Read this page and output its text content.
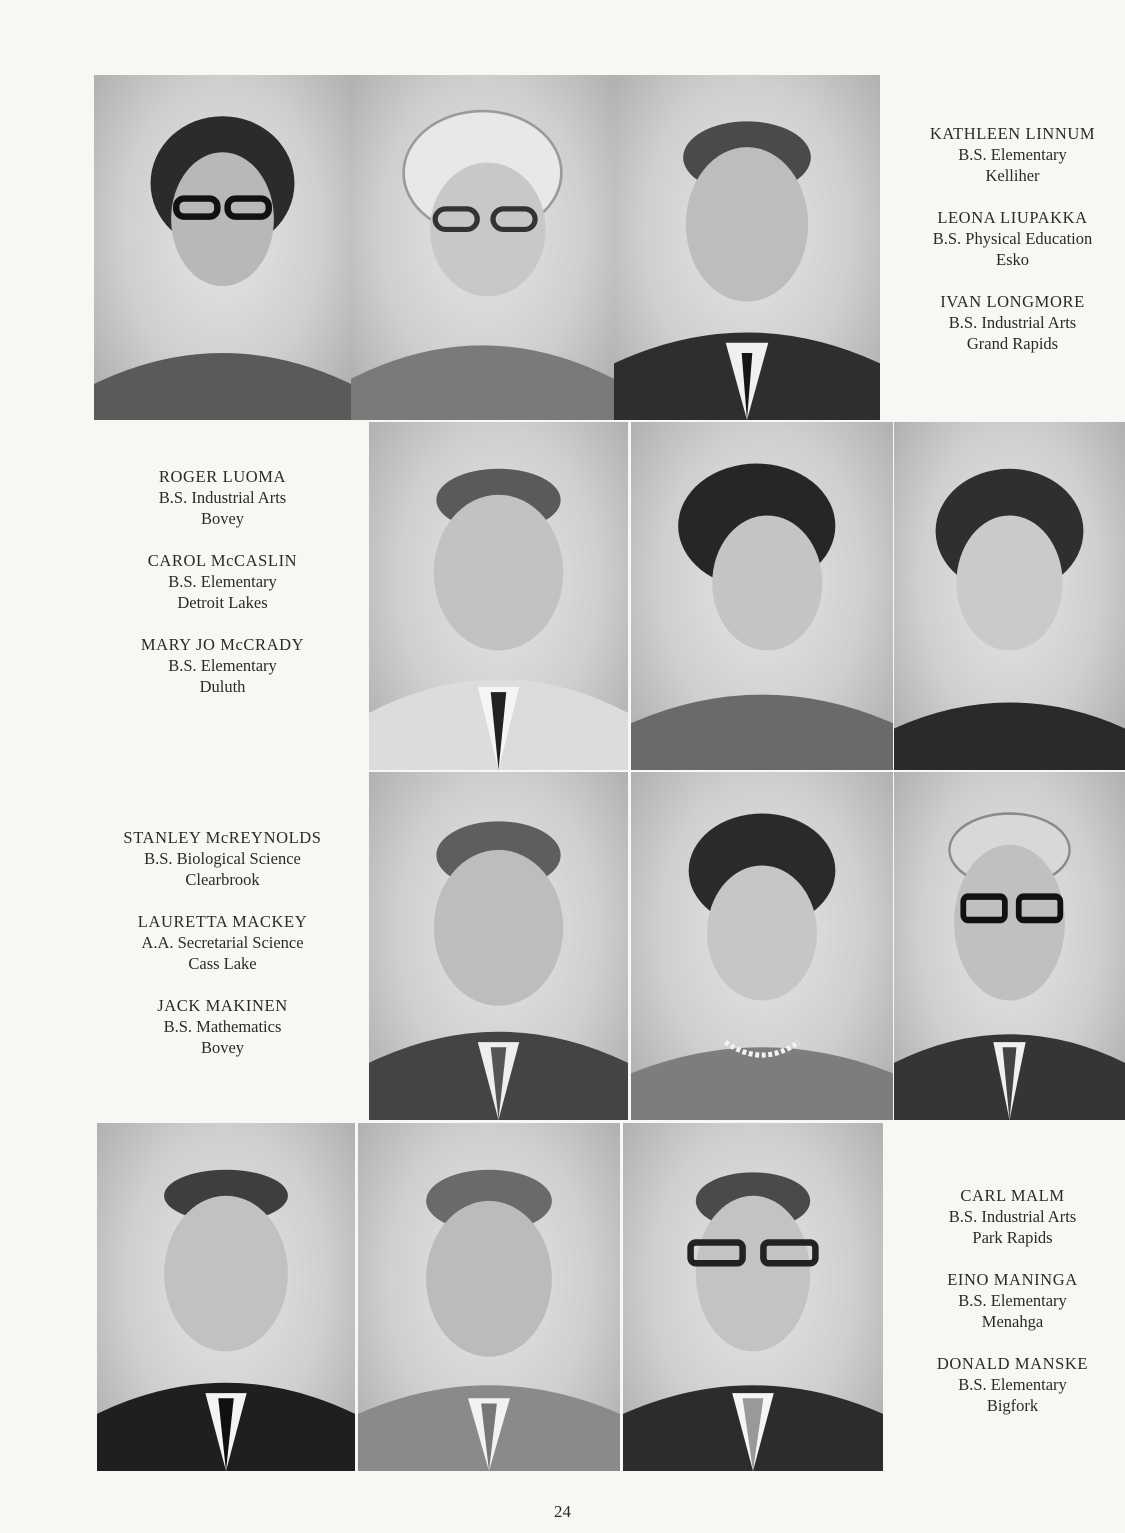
KATHLEEN LINNUM
B.S. Elementary
Kelliher
LEONA LIUPAKKA
B.S. Physical Education
Esko
IVAN LONGMORE
B.S. Industrial Arts
Grand Rapids
ROGER LUOMA
B.S. Industrial Arts
Bovey
CAROL McCASLIN
B.S. Elementary
Detroit Lakes
MARY JO McCRADY
B.S. Elementary
Duluth
STANLEY McREYNOLDS
B.S. Biological Science
Clearbrook
LAURETTA MACKEY
A.A. Secretarial Science
Cass Lake
JACK MAKINEN
B.S. Mathematics
Bovey
CARL MALM
B.S. Industrial Arts
Park Rapids
EINO MANINGA
B.S. Elementary
Menahga
DONALD MANSKE
B.S. Elementary
Bigfork
24
